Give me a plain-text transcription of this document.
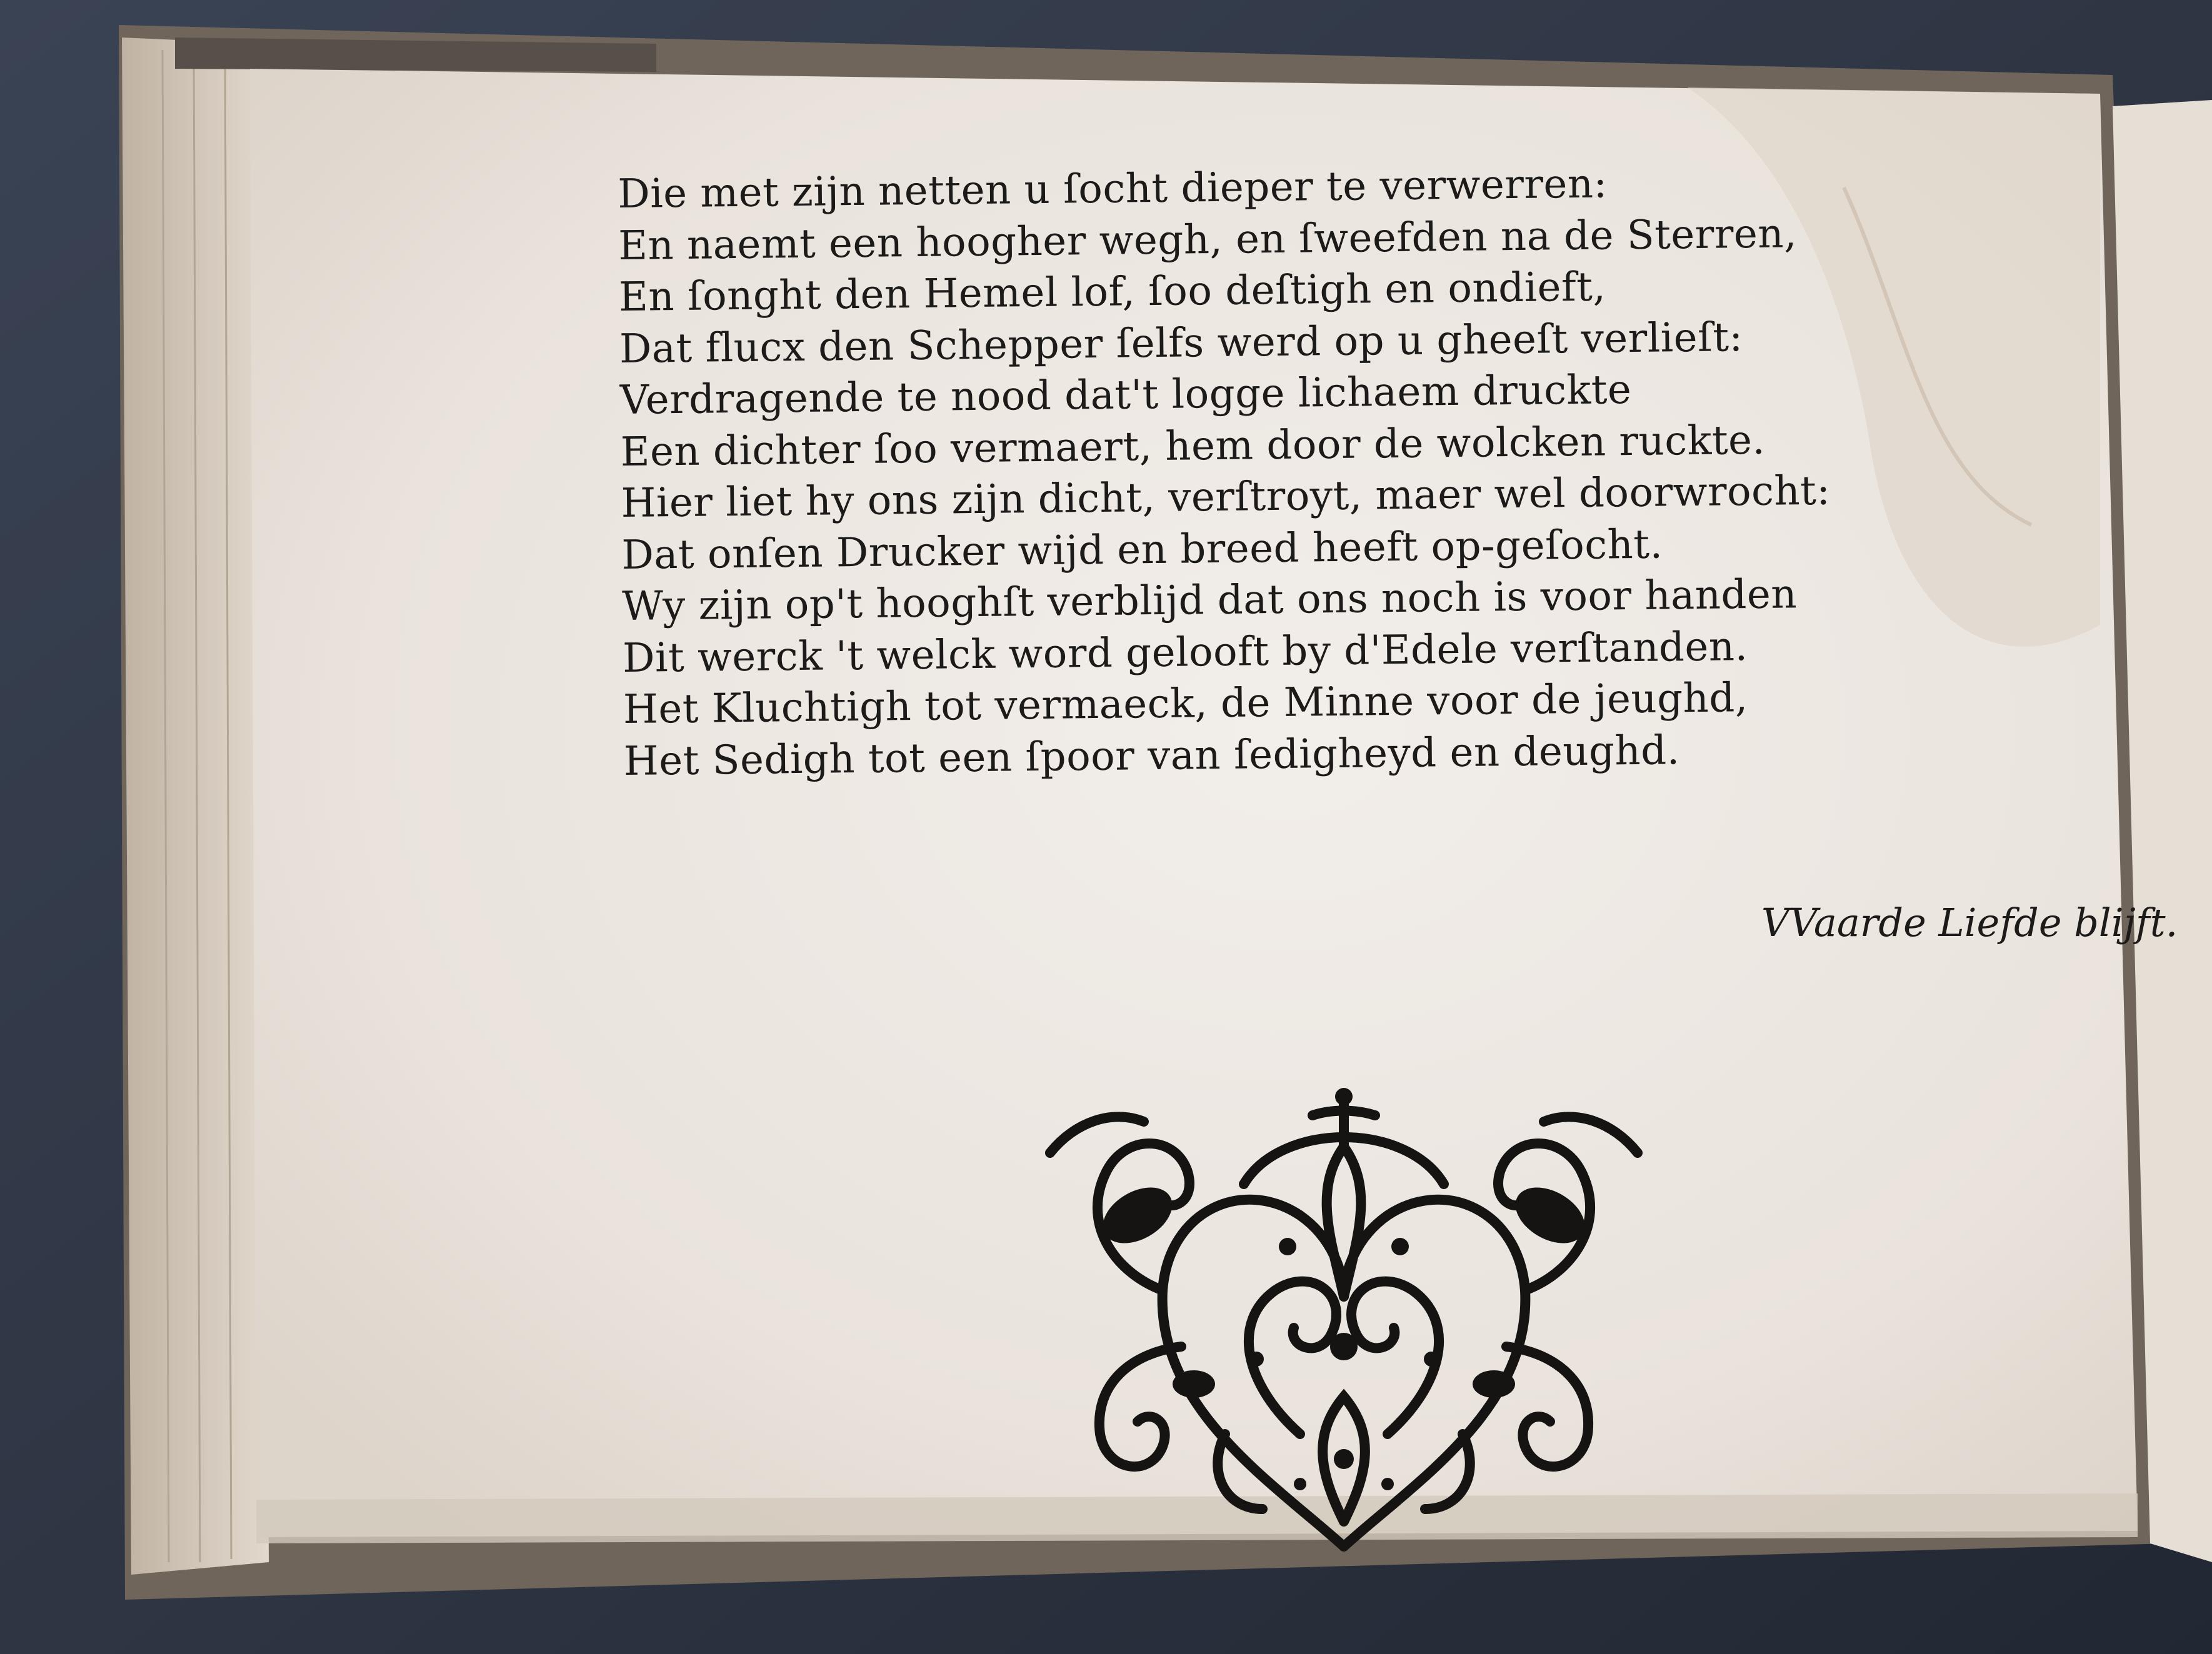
Die met zijn netten u ſocht dieper te verwerren:
En naemt een hoogher wegh, en ſweefden na de Sterren,
En ſonght den Hemel lof, ſoo deſtigh en ondieft,
Dat flucx den Schepper ſelfs werd op u gheeſt verlieſt:
Verdragende te nood dat't logge lichaem druckte
Een dichter ſoo vermaert, hem door de wolcken ruckte.
Hier liet hy ons zijn dicht, verſtroyt, maer wel doorwrocht:
Dat onſen Drucker wijd en breed heeft op-geſocht.
Wy zijn op't hooghſt verblijd dat ons noch is voor handen
Dit werck 't welck word gelooft by d'Edele verſtanden.
Het Kluchtigh tot vermaeck, de Minne voor de jeughd,
Het Sedigh tot een ſpoor van ſedigheyd en deughd.
VVaarde Liefde blijft.
